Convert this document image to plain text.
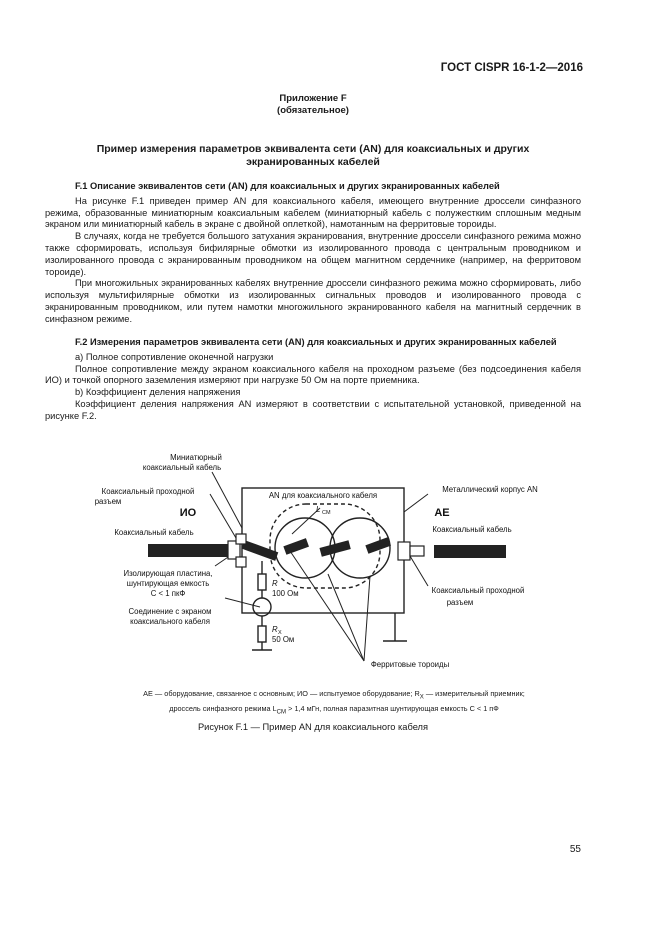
ГОСТ CISPR 16-1-2—2016
Приложение F
(обязательное)
Пример измерения параметров эквивалента сети (AN) для коаксиальных и других
экранированных кабелей

F.1 Описание эквивалентов сети (AN) для коаксиальных и других экранированных кабелей

На рисунке F.1 приведен пример AN для коаксиального кабеля, имеющего внутренние дроссели синфазного режима, образованные миниатюрным коаксиальным кабелем (миниатюрный кабель с полужестким сплошным медным экраном или миниатюрный кабель в экране с двойной оплеткой), намотанным на ферритовые тороиды.

В случаях, когда не требуется большого затухания экранирования, внутренние дроссели синфазного режима можно также сформировать, используя бифилярные обмотки из изолированного провода с центральным проводником и изолированного провода с экранированным проводником на общем магнитном сердечнике (например, на ферритовом тороиде).

При многожильных экранированных кабелях внутренние дроссели синфазного режима можно сформировать, либо используя мультифилярные обмотки из изолированных сигнальных проводов и изолированного провода с экранированным проводником, или путем намотки многожильного экранированного кабеля на магнитный сердечник в синфазном режиме.

F.2 Измерения параметров эквивалента сети (AN) для коаксиальных и других экранированных кабелей

a) Полное сопротивление оконечной нагрузки

Полное сопротивление между экраном коаксиального кабеля на проходном разъеме (без подсоединения кабеля ИО) и точкой опорного заземления измеряют при нагрузке 50 Ом на порте приемника.

b) Коэффициент деления напряжения

Коэффициент деления напряжения AN измеряют в соответствии с испытательной установкой, приведенной на рисунке F.2.

Миниатюрный
коаксиальный кабель
Коаксиальный проходной
разъем
ИО
Коаксиальный кабель
Изолирующая пластина,
шунтирующая емкость
С < 1 пкФ
Соединение с экраном
коаксиального кабеля
AN для коаксиального кабеля
L CM
Металлический корпус AN
AE
Коаксиальный кабель
Коаксиальный проходной
разъем
R
100 Ом
R X
50 Ом
Ферритовые тороиды
AE — оборудование, связанное с основным; ИО — испытуемое оборудование; $R_X$ — измерительный приемник;
дроссель синфазного режима $L_{CM} > 1,4$ мГн, полная паразитная шунтирующая емкость С < 1 пФ
Рисунок F.1 — Пример AN для коаксиального кабеля
55
